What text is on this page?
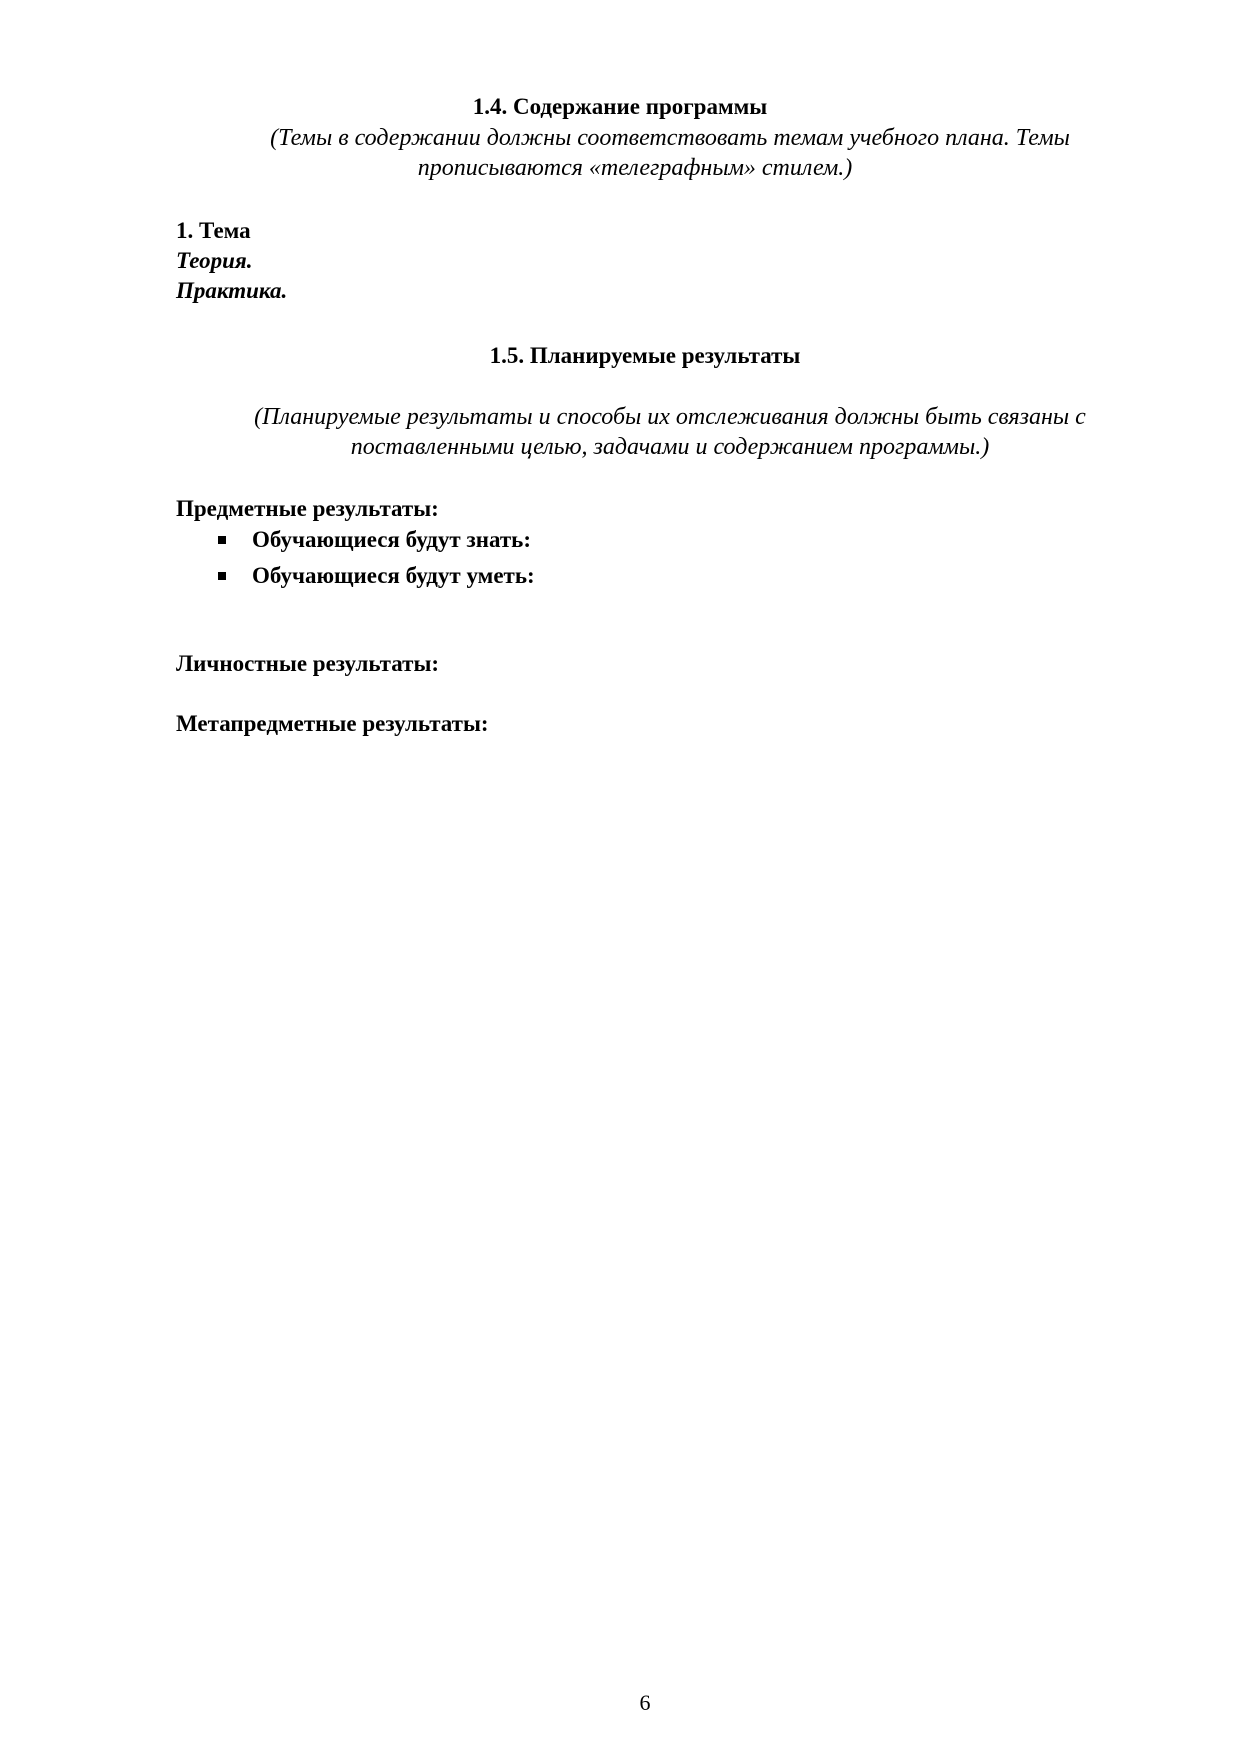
1.4. Содержание программы
(Темы в содержании должны соответствовать темам учебного плана. Темы
прописываются «телеграфным» стилем.)
1. Тема
Теория.
Практика.
1.5. Планируемые результаты
(Планируемые результаты и способы их отслеживания должны быть связаны с
поставленными целью, задачами и содержанием программы.)
Предметные результаты:
Обучающиеся будут знать:
Обучающиеся будут уметь:
Личностные результаты:
Метапредметные результаты:
6
